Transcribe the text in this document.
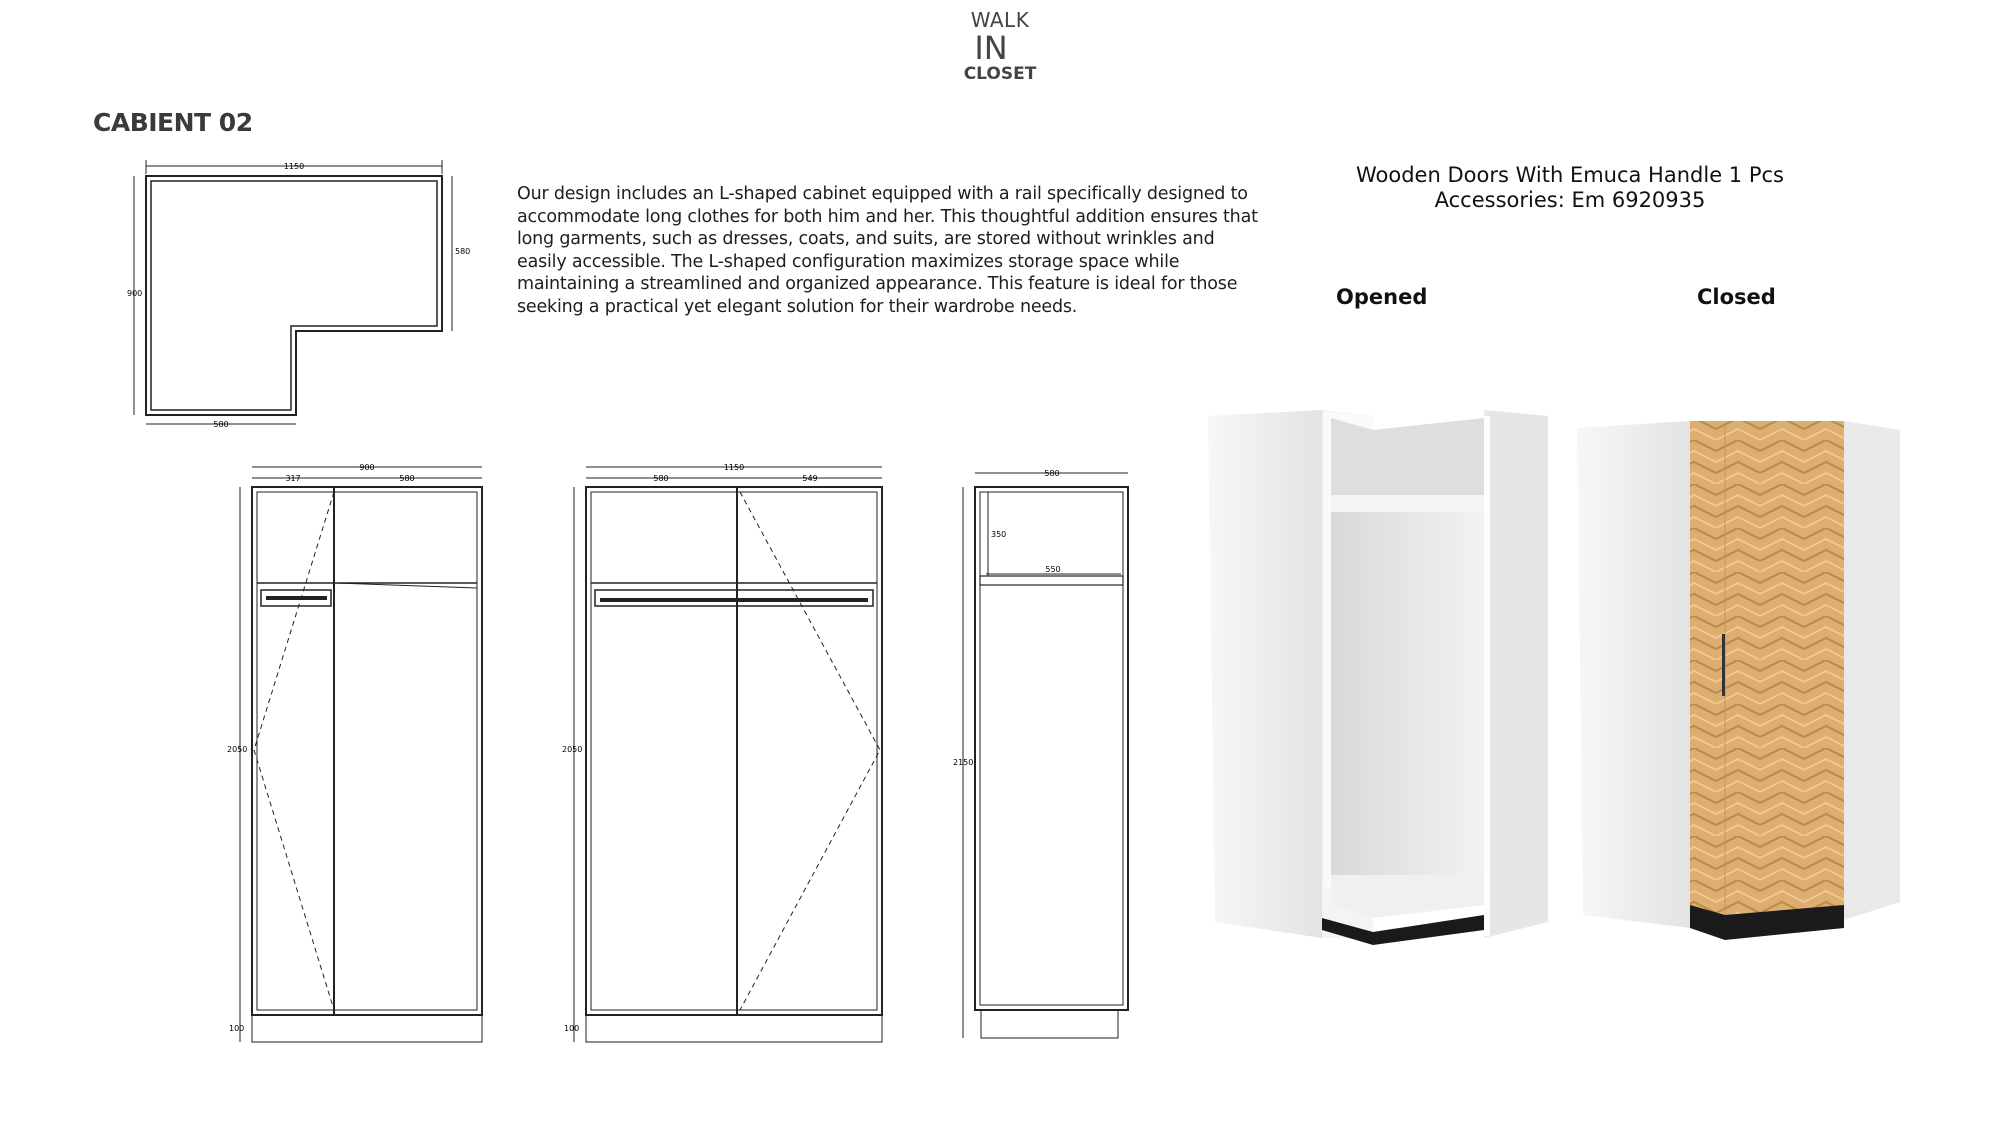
WALK
IN
CLOSET
CABIENT 02
Our design includes an L-shaped cabinet equipped with a rail specifically designed to accommodate long clothes for both him and her. This thoughtful addition ensures that long garments, such as dresses, coats, and suits, are stored without wrinkles and easily accessible. The L-shaped configuration maximizes storage space while maintaining a streamlined and organized appearance. This feature is ideal for those seeking a practical yet elegant solution for their wardrobe needs.
Wooden Doors With Emuca Handle 1 Pcs
Accessories: Em 6920935
Opened	Closed
1150
580
900
580
900
317	580
2050
100
1150
580	549
2050
100
580
350
550
2150
